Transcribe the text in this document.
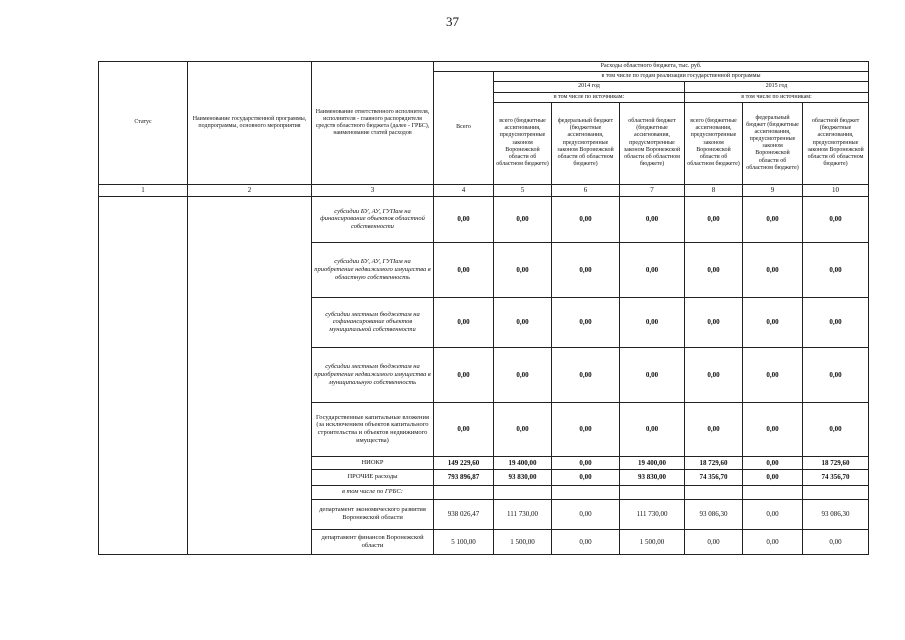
37
Статус	Наименование государственной программы, подпрограммы, основного мероприятия	Наименование ответственного исполнителя, исполнителя - главного распорядителя средств областного бюджета (далее - ГРБС), наименование статей расходов	Расходы областного бюджета, тыс. руб.						
			Всего	в том числе по годам реализации государственной программы					
				2014 год			2015 год		
				в том числе по источникам:			в том числе по источникам:		
				всего (бюджетные ассигнования, предусмотренные законом Воронежской области об областном бюджете)	федеральный бюджет (бюджетные ассигнования, предусмотренные законом Воронежской области об областном бюджете)	областной бюджет (бюджетные ассигнования, предусмотренные законом Воронежской области об областном бюджете)	всего (бюджетные ассигнования, предусмотренные законом Воронежской области об областном бюджете)	федеральный бюджет (бюджетные ассигнования, предусмотренные законом Воронежской области об областном бюджете)	областной бюджет (бюджетные ассигнования, предусмотренные законом Воронежской области об областном бюджете)
1	2	3	4	5	6	7	8	9	10
		субсидии БУ, АУ, ГУПам на финансирование объектов областной собственности	0,00	0,00	0,00	0,00	0,00	0,00	0,00
		субсидии БУ, АУ, ГУПам на приобретение недвижимого имущества в областную собственность	0,00	0,00	0,00	0,00	0,00	0,00	0,00
		субсидии местным бюджетам на софинансирование объектов муниципальной собственности	0,00	0,00	0,00	0,00	0,00	0,00	0,00
		субсидии местным бюджетам на приобретение недвижимого имущества в муниципальную собственность	0,00	0,00	0,00	0,00	0,00	0,00	0,00
		Государственные капитальные вложения (за исключением объектов капитального строительства и объектов недвижимого имущества)	0,00	0,00	0,00	0,00	0,00	0,00	0,00
		НИОКР	149 229,60	19 400,00	0,00	19 400,00	18 729,60	0,00	18 729,60
		ПРОЧИЕ расходы	793 896,87	93 830,00	0,00	93 830,00	74 356,70	0,00	74 356,70
		в том числе по ГРБС:							
		департамент экономического развития Воронежской области	938 026,47	111 730,00	0,00	111 730,00	93 086,30	0,00	93 086,30
		департамент финансов Воронежской области	5 100,00	1 500,00	0,00	1 500,00	0,00	0,00	0,00
